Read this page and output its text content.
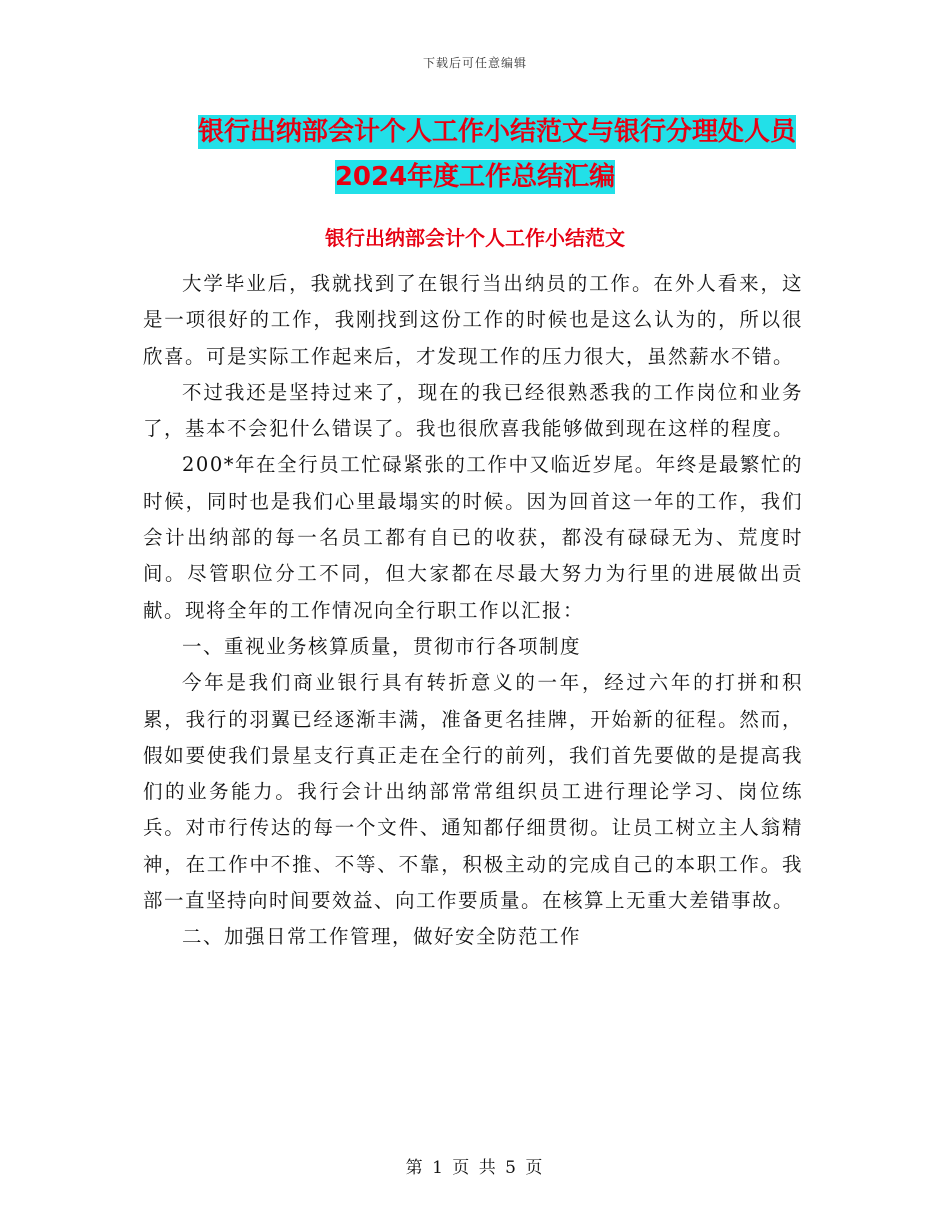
下载后可任意编辑
银行出纳部会计个人工作小结范文与银行分理处人员
2024年度工作总结汇编
银行出纳部会计个人工作小结范文

大学毕业后，我就找到了在银行当出纳员的工作。在外人看来，这是一项很好的工作，我刚找到这份工作的时候也是这么认为的，所以很欣喜。可是实际工作起来后，才发现工作的压力很大，虽然薪水不错。

不过我还是坚持过来了，现在的我已经很熟悉我的工作岗位和业务了，基本不会犯什么错误了。我也很欣喜我能够做到现在这样的程度。

200*年在全行员工忙碌紧张的工作中又临近岁尾。年终是最繁忙的时候，同时也是我们心里最塌实的时候。因为回首这一年的工作，我们会计出纳部的每一名员工都有自已的收获，都没有碌碌无为、荒度时间。尽管职位分工不同，但大家都在尽最大努力为行里的进展做出贡献。现将全年的工作情况向全行职工作以汇报：

一、重视业务核算质量，贯彻市行各项制度

今年是我们商业银行具有转折意义的一年，经过六年的打拼和积累，我行的羽翼已经逐渐丰满，准备更名挂牌，开始新的征程。然而，假如要使我们景星支行真正走在全行的前列，我们首先要做的是提高我们的业务能力。我行会计出纳部常常组织员工进行理论学习、岗位练兵。对市行传达的每一个文件、通知都仔细贯彻。让员工树立主人翁精神，在工作中不推、不等、不靠，积极主动的完成自己的本职工作。我部一直坚持向时间要效益、向工作要质量。在核算上无重大差错事故。

二、加强日常工作管理，做好安全防范工作

第 1 页 共 5 页
